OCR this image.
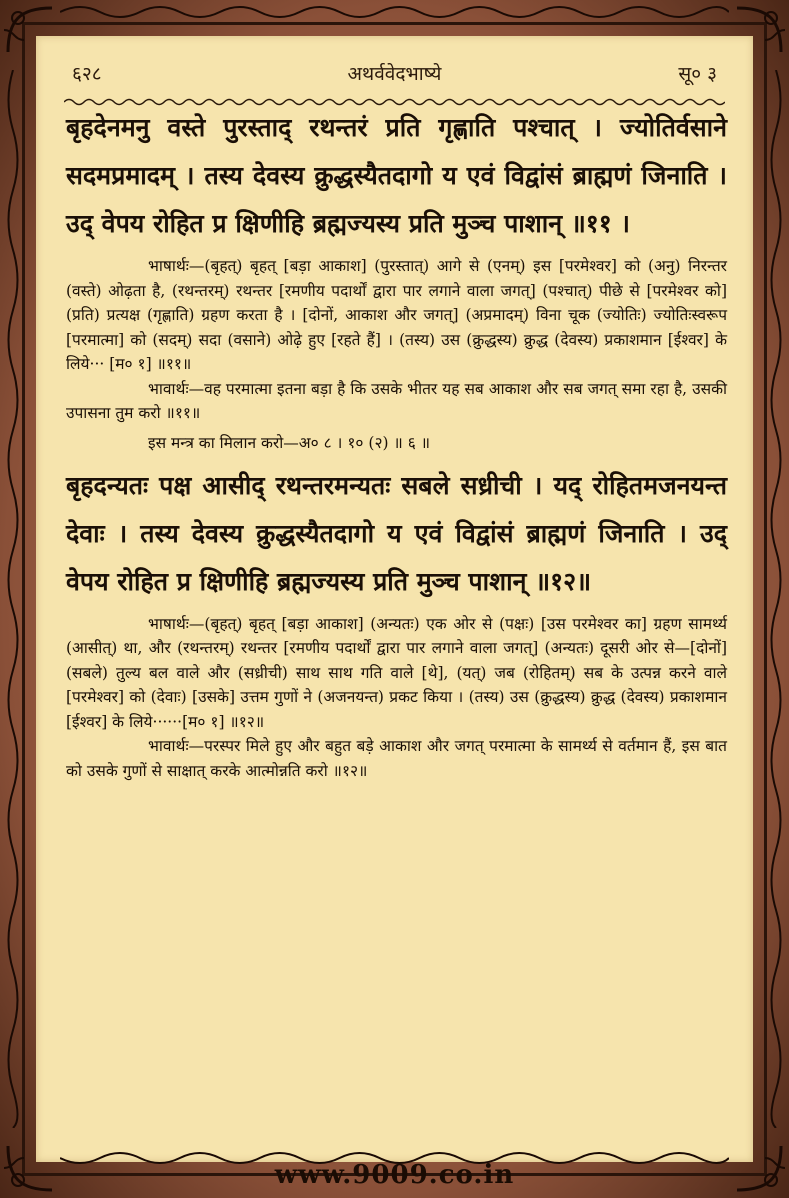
६२८	अथर्ववेदभाष्ये	सू० ३

बृहदेनमनु वस्ते पुरस्ताद् रथन्तरं प्रति गृह्णाति पश्चात् । ज्योतिर्वसाने सदमप्रमादम् । तस्य देवस्य क्रुद्धस्यैतदागो य एवं विद्वांसं ब्राह्मणं जिनाति । उद् वेपय रोहित प्र क्षिणीहि ब्रह्मज्यस्य प्रति मुञ्च पाशान् ॥११ ।

भाषार्थः—(बृहत्) बृहत् [बड़ा आकाश] (पुरस्तात्) आगे से (एनम्) इस [परमेश्वर] को (अनु) निरन्तर (वस्ते) ओढ़ता है, (रथन्तरम्) रथन्तर [रमणीय पदार्थों द्वारा पार लगाने वाला जगत्] (पश्चात्) पीछे से [परमेश्वर को] (प्रति) प्रत्यक्ष (गृह्णाति) ग्रहण करता है । [दोनों, आकाश और जगत्] (अप्रमादम्) विना चूक (ज्योतिः) ज्योतिःस्वरूप [परमात्मा] को (सदम्) सदा (वसाने) ओढ़े हुए [रहते हैं] । (तस्य) उस (क्रुद्धस्य) क्रुद्ध (देवस्य) प्रकाशमान [ईश्वर] के लिये··· [म० १] ॥११॥

भावार्थः—वह परमात्मा इतना बड़ा है कि उसके भीतर यह सब आकाश और सब जगत् समा रहा है, उसकी उपासना तुम करो ॥११॥

इस मन्त्र का मिलान करो—अ० ८ । १० (२) ॥ ६ ॥

बृहदन्यतः पक्ष आसीद् रथन्तरमन्यतः सबले सध्रीची । यद् रोहितमजनयन्त देवाः । तस्य देवस्य क्रुद्धस्यैतदागो य एवं विद्वांसं ब्राह्मणं जिनाति । उद् वेपय रोहित प्र क्षिणीहि ब्रह्मज्यस्य प्रति मुञ्च पाशान् ॥१२॥

भाषार्थः—(बृहत्) बृहत् [बड़ा आकाश] (अन्यतः) एक ओर से (पक्षः) [उस परमेश्वर का] ग्रहण सामर्थ्य (आसीत्) था, और (रथन्तरम्) रथन्तर [रमणीय पदार्थों द्वारा पार लगाने वाला जगत्] (अन्यतः) दूसरी ओर से—[दोनों] (सबले) तुल्य बल वाले और (सध्रीची) साथ साथ गति वाले [थे], (यत्) जब (रोहितम्) सब के उत्पन्न करने वाले [परमेश्वर] को (देवाः) [उसके] उत्तम गुणों ने (अजनयन्त) प्रकट किया । (तस्य) उस (क्रुद्धस्य) क्रुद्ध (देवस्य) प्रकाशमान [ईश्वर] के लिये······[म० १] ॥१२॥

भावार्थः—परस्पर मिले हुए और बहुत बड़े आकाश और जगत् परमात्मा के सामर्थ्य से वर्तमान हैं, इस बात को उसके गुणों से साक्षात् करके आत्मोन्नति करो ॥१२॥

www.9009.co.in
